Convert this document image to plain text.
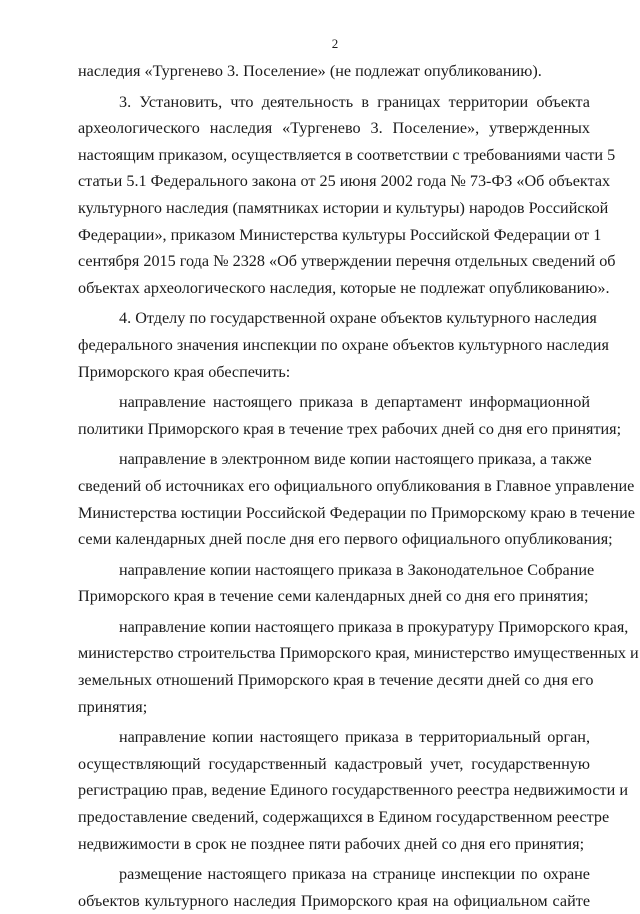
2

наследия «Тургенево 3. Поселение» (не подлежат опубликованию).

3. Установить, что деятельность в границах территории объекта
археологического наследия «Тургенево 3. Поселение», утвержденных
настоящим приказом, осуществляется в соответствии с требованиями части 5
статьи 5.1 Федерального закона от 25 июня 2002 года № 73-ФЗ «Об объектах
культурного наследия (памятниках истории и культуры) народов Российской
Федерации», приказом Министерства культуры Российской Федерации от 1
сентября 2015 года № 2328 «Об утверждении перечня отдельных сведений об
объектах археологического наследия, которые не подлежат опубликованию».

4. Отделу по государственной охране объектов культурного наследия
федерального значения инспекции по охране объектов культурного наследия
Приморского края обеспечить:

направление настоящего приказа в департамент информационной
политики Приморского края в течение трех рабочих дней со дня его принятия;

направление в электронном виде копии настоящего приказа, а также
сведений об источниках его официального опубликования в Главное управление
Министерства юстиции Российской Федерации по Приморскому краю в течение
семи календарных дней после дня его первого официального опубликования;

направление копии настоящего приказа в Законодательное Собрание
Приморского края в течение семи календарных дней со дня его принятия;

направление копии настоящего приказа в прокуратуру Приморского края,
министерство строительства Приморского края, министерство имущественных и
земельных отношений Приморского края в течение десяти дней со дня его
принятия;

направление копии настоящего приказа в территориальный орган,
осуществляющий государственный кадастровый учет, государственную
регистрацию прав, ведение Единого государственного реестра недвижимости и
предоставление сведений, содержащихся в Едином государственном реестре
недвижимости в срок не позднее пяти рабочих дней со дня его принятия;

размещение настоящего приказа на странице инспекции по охране
объектов культурного наследия Приморского края на официальном сайте
